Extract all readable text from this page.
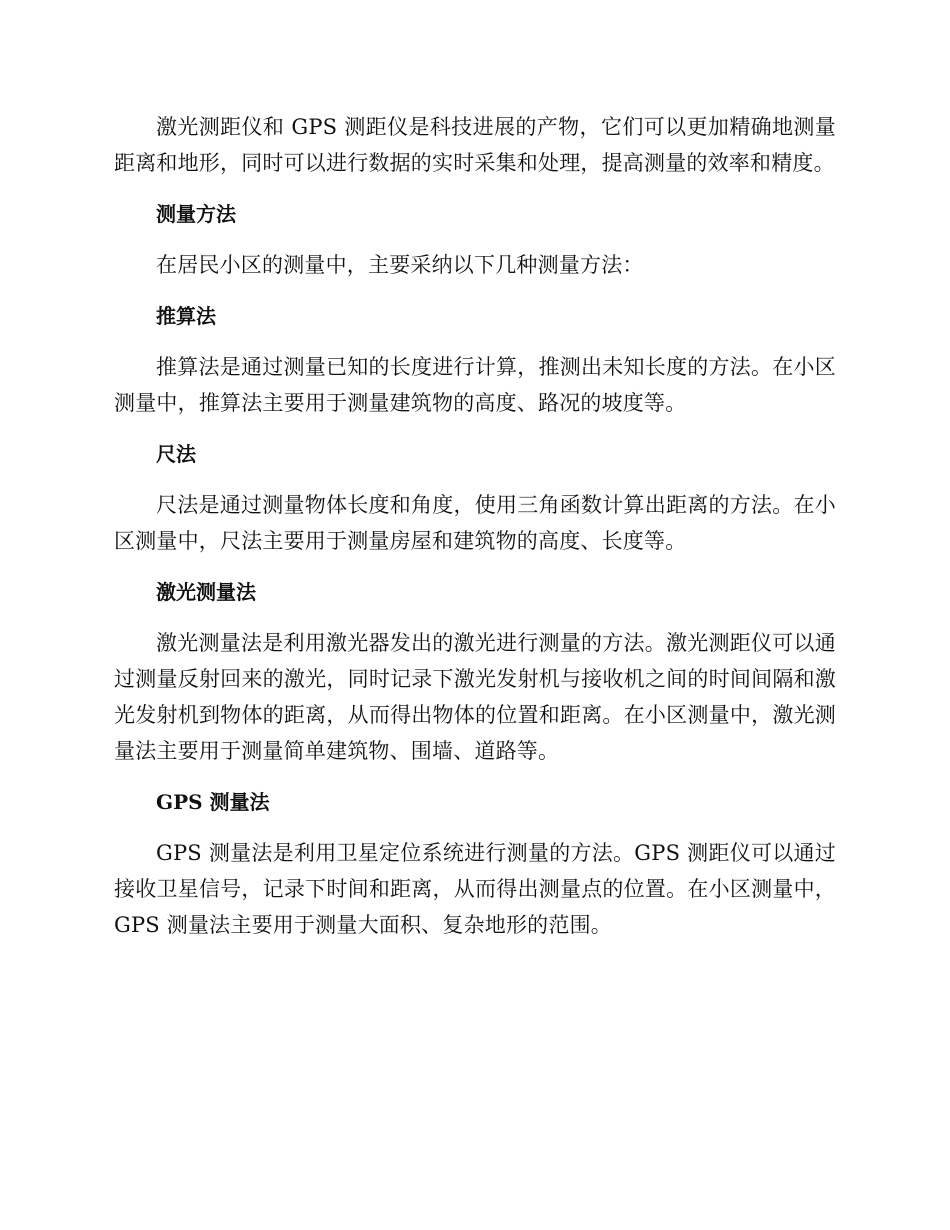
激光测距仪和 GPS 测距仪是科技进展的产物，它们可以更加精确地测量距离和地形，同时可以进行数据的实时采集和处理，提高测量的效率和精度。

测量方法

在居民小区的测量中，主要采纳以下几种测量方法：

推算法

推算法是通过测量已知的长度进行计算，推测出未知长度的方法。在小区测量中，推算法主要用于测量建筑物的高度、路况的坡度等。

尺法

尺法是通过测量物体长度和角度，使用三角函数计算出距离的方法。在小区测量中，尺法主要用于测量房屋和建筑物的高度、长度等。

激光测量法

激光测量法是利用激光器发出的激光进行测量的方法。激光测距仪可以通过测量反射回来的激光，同时记录下激光发射机与接收机之间的时间间隔和激光发射机到物体的距离，从而得出物体的位置和距离。在小区测量中，激光测量法主要用于测量简单建筑物、围墙、道路等。

GPS 测量法

GPS 测量法是利用卫星定位系统进行测量的方法。GPS 测距仪可以通过接收卫星信号，记录下时间和距离，从而得出测量点的位置。在小区测量中，GPS 测量法主要用于测量大面积、复杂地形的范围。
